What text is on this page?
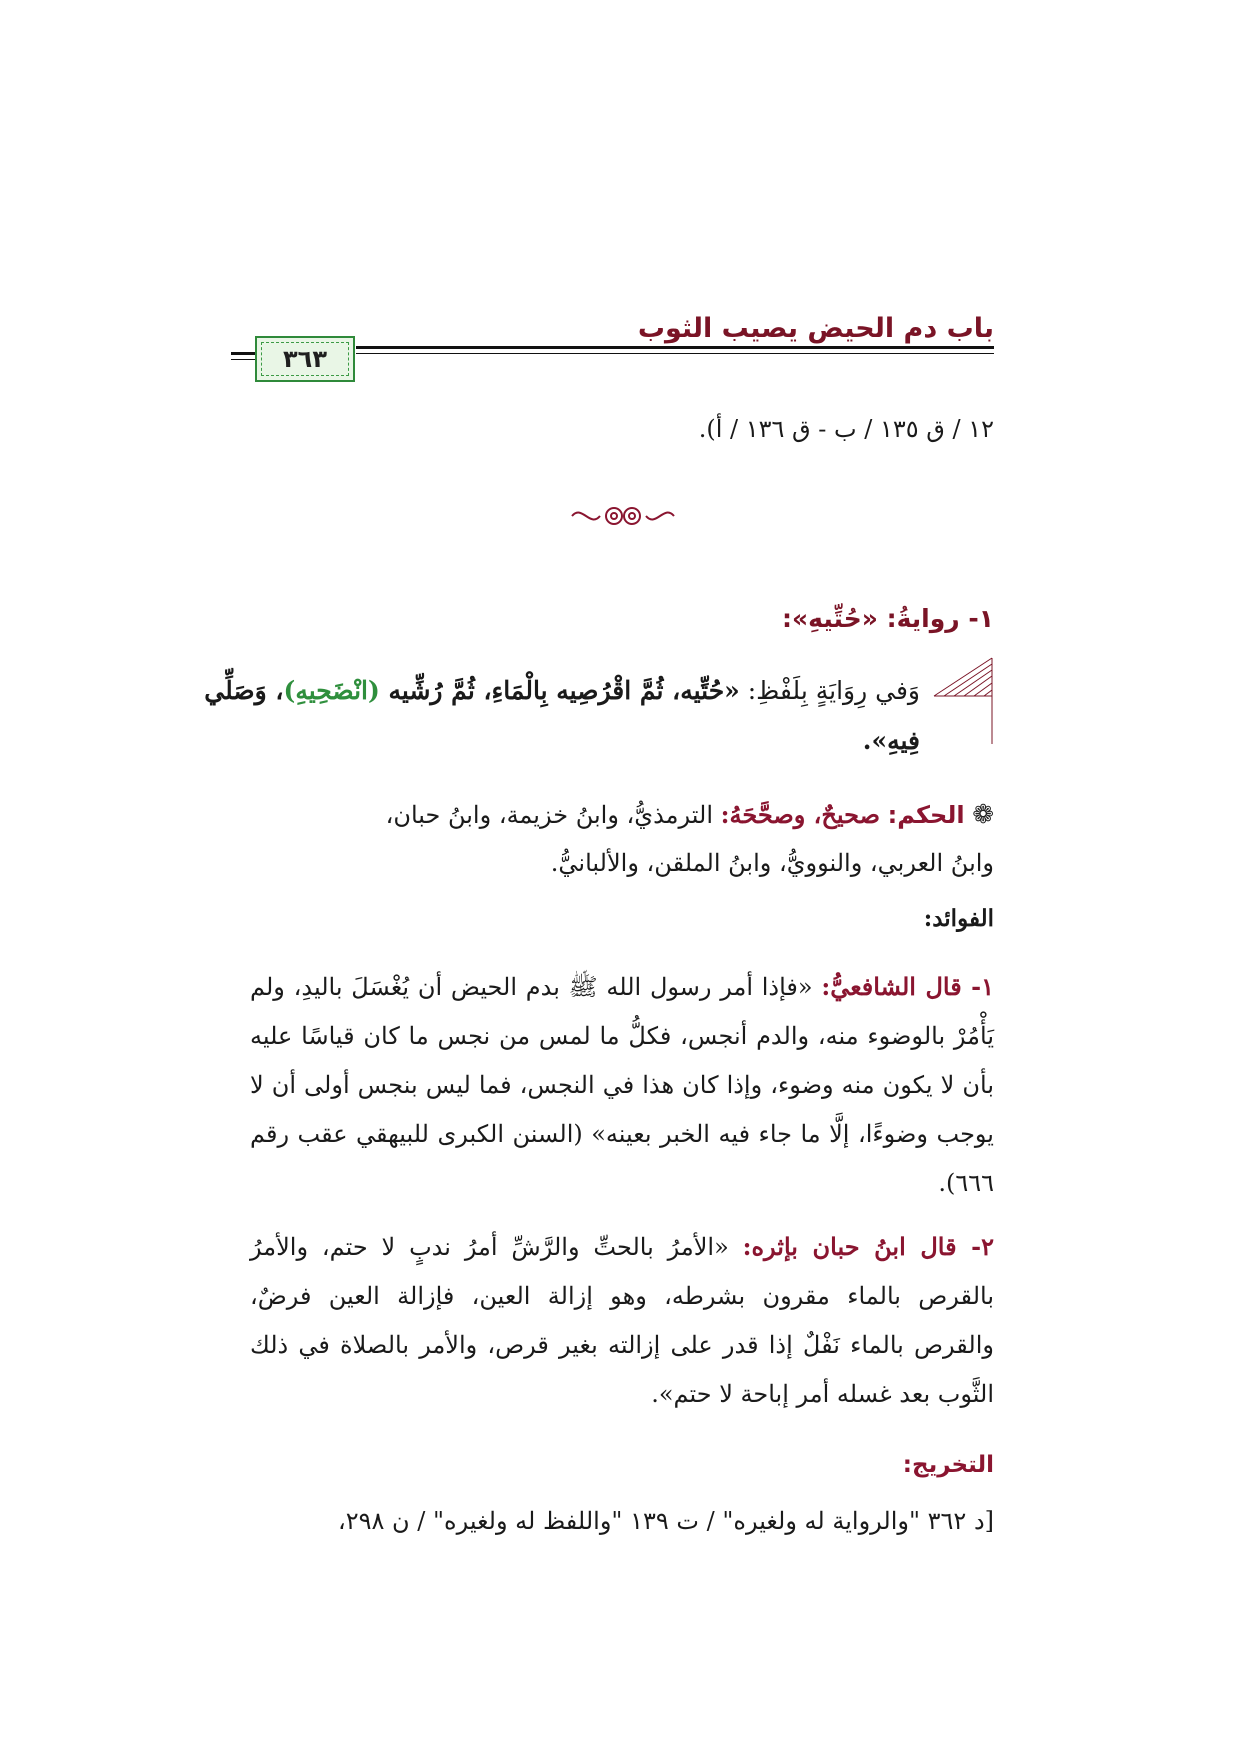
باب دم الحيض يصيب الثوب
٣٦٣
١٢ / ق ١٣٥ / ب - ق ١٣٦ / أ).
١- روايةُ: «حُتِّيهِ»:
وَفي رِوَايَةٍ بِلَفْظِ: «حُتِّيه، ثُمَّ اقْرُصِيه بِالْمَاءِ، ثُمَّ رُشِّيه (انْضَحِيهِ)، وَصَلِّي
فِيهِ».
❁ الحكم: صحيحٌ، وصحَّحَهُ: الترمذيُّ، وابنُ خزيمة، وابنُ حبان،
وابنُ العربي، والنوويُّ، وابنُ الملقن، والألبانيُّ.
الفوائد:
١- قال الشافعيُّ: «فإذا أمر رسول الله ﷺ بدم الحيض أن يُغْسَلَ باليدِ، ولم يَأْمُرْ بالوضوء منه، والدم أنجس، فكلُّ ما لمس من نجس ما كان قياسًا عليه بأن لا يكون منه وضوء، وإذا كان هذا في النجس، فما ليس بنجس أولى أن لا يوجب وضوءًا، إلَّا ما جاء فيه الخبر بعينه» (السنن الكبرى للبيهقي عقب رقم ٦٦٦).
٢- قال ابنُ حبان بإثره: «الأمرُ بالحتِّ والرَّشِّ أمرُ ندبٍ لا حتم، والأمرُ بالقرص بالماء مقرون بشرطه، وهو إزالة العين، فإزالة العين فرضٌ، والقرص بالماء نَفْلٌ إذا قدر على إزالته بغير قرص، والأمر بالصلاة في ذلك الثَّوب بعد غسله أمر إباحة لا حتم».
التخريج:
[د ٣٦٢ "والرواية له ولغيره" / ت ١٣٩ "واللفظ له ولغيره" / ن ٢٩٨،
